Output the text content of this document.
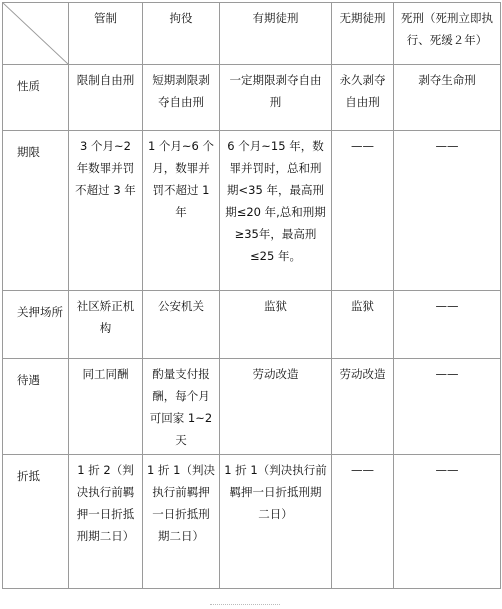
	管制	拘役	有期徒刑	无期徒刑	死刑（死刑立即执行、死缓２年）
性质	限制自由刑	短期剥限剥夺自由刑	一定期限剥夺自由刑	永久剥夺自由刑	剥夺生命刑
期限	3 个月~2 年数罪并罚不超过 3 年	1 个月~6 个月，数罪并罚不超过 1 年	6 个月~15 年，数罪并罚时，总和刑期<35 年，最高刑期≤20 年,总和刑期≥35年，最高刑≤25 年。	——	——
关押场所	社区矫正机构	公安机关	监狱	监狱	——
待遇	同工同酬	酌量支付报酬，每个月可回家 1~2 天	劳动改造	劳动改造	——
折抵	1 折 2（判决执行前羁押一日折抵刑期二日）	1 折 1（判决执行前羁押一日折抵刑期二日）	1 折 1（判决执行前羁押一日折抵刑期二日）	——	——
